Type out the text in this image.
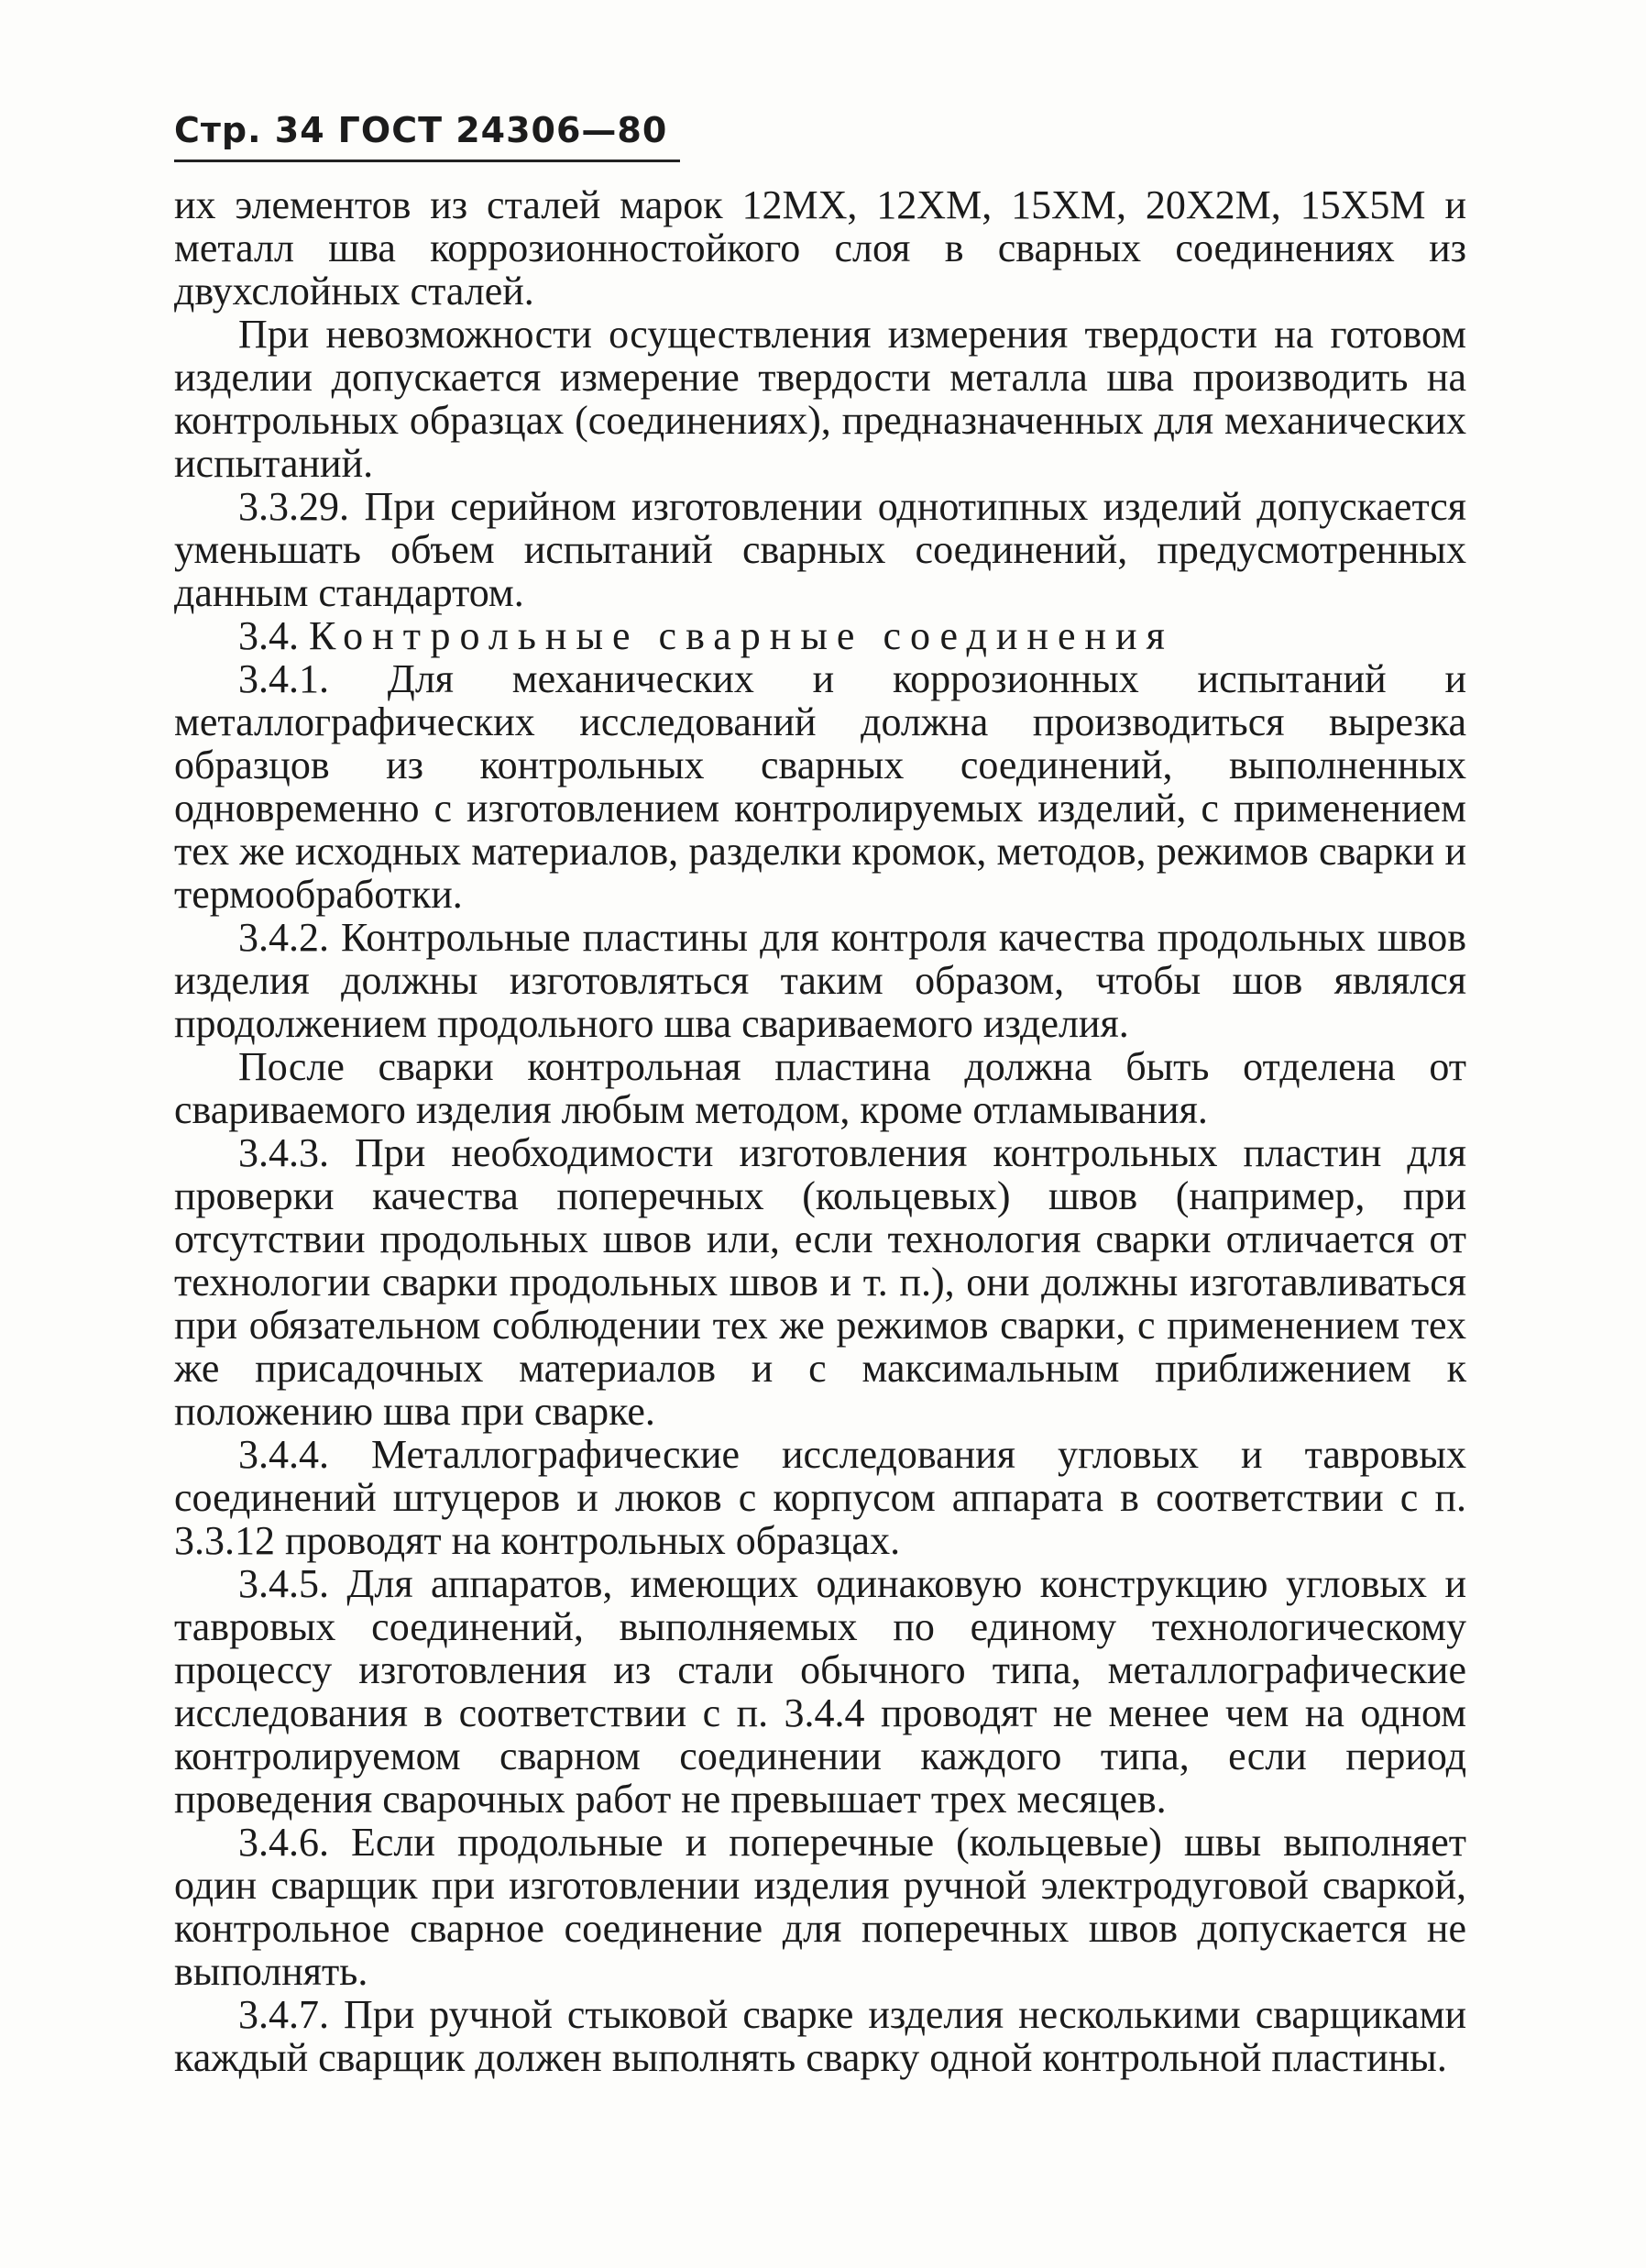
Стр. 34 ГОСТ 24306—80

их элементов из сталей марок 12МХ, 12ХМ, 15ХМ, 20Х2М, 15Х5М и металл шва коррозионностойкого слоя в сварных соединениях из двухслойных сталей.

При невозможности осуществления измерения твердости на готовом изделии допускается измерение твердости металла шва производить на контрольных образцах (соединениях), предназначенных для механических испытаний.

3.3.29. При серийном изготовлении однотипных изделий допускается уменьшать объем испытаний сварных соединений, предусмотренных данным стандартом.

3.4. Контрольные сварные соединения

3.4.1. Для механических и коррозионных испытаний и металлографических исследований должна производиться вырезка образцов из контрольных сварных соединений, выполненных одновременно с изготовлением контролируемых изделий, с применением тех же исходных материалов, разделки кромок, методов, режимов сварки и термообработки.

3.4.2. Контрольные пластины для контроля качества продольных швов изделия должны изготовляться таким образом, чтобы шов являлся продолжением продольного шва свариваемого изделия.

После сварки контрольная пластина должна быть отделена от свариваемого изделия любым методом, кроме отламывания.

3.4.3. При необходимости изготовления контрольных пластин для проверки качества поперечных (кольцевых) швов (например, при отсутствии продольных швов или, если технология сварки отличается от технологии сварки продольных швов и т. п.), они должны изготавливаться при обязательном соблюдении тех же режимов сварки, с применением тех же присадочных материалов и с максимальным приближением к положению шва при сварке.

3.4.4. Металлографические исследования угловых и тавровых соединений штуцеров и люков с корпусом аппарата в соответствии с п. 3.3.12 проводят на контрольных образцах.

3.4.5. Для аппаратов, имеющих одинаковую конструкцию угловых и тавровых соединений, выполняемых по единому технологическому процессу изготовления из стали обычного типа, металлографические исследования в соответствии с п. 3.4.4 проводят не менее чем на одном контролируемом сварном соединении каждого типа, если период проведения сварочных работ не превышает трех месяцев.

3.4.6. Если продольные и поперечные (кольцевые) швы выполняет один сварщик при изготовлении изделия ручной электродуговой сваркой, контрольное сварное соединение для поперечных швов допускается не выполнять.

3.4.7. При ручной стыковой сварке изделия несколькими сварщиками каждый сварщик должен выполнять сварку одной контрольной пластины.
